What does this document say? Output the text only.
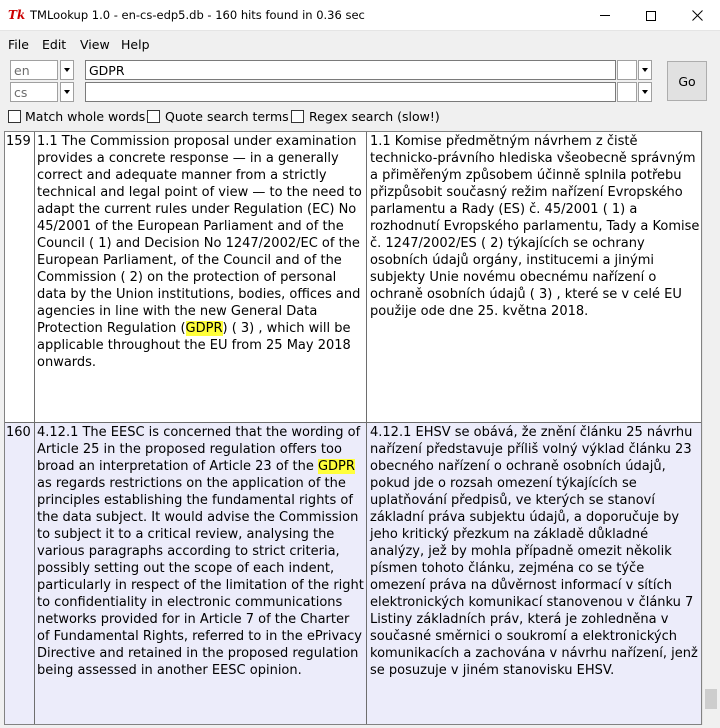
Tk TMLookup 1.0 - en-cs-edp5.db - 160 hits found in 0.36 sec
File Edit View Help
en
GDPR
cs
Go
Match whole words Quote search terms Regex search (slow!)
159 1.1 The Commission proposal under examination provides a concrete response — in a generally correct and adequate manner from a strictly technical and legal point of view — to the need to adapt the current rules under Regulation (EC) No 45/2001 of the European Parliament and of the Council ( 1) and Decision No 1247/2002/EC of the European Parliament, of the Council and of the Commission ( 2) on the protection of personal data by the Union institutions, bodies, offices and agencies in line with the new General Data Protection Regulation (GDPR) ( 3) , which will be applicable throughout the EU from 25 May 2018 onwards.
1.1 Komise předmětným návrhem z čistě technicko-právního hlediska všeobecně správným a přiměřeným způsobem účinně splnila potřebu přizpůsobit současný režim nařízení Evropského parlamentu a Rady (ES) č. 45/2001 ( 1) a rozhodnutí Evropského parlamentu, Tady a Komise č. 1247/2002/ES ( 2) týkajících se ochrany osobních údajů orgány, institucemi a jinými subjekty Unie novému obecnému nařízení o ochraně osobních údajů ( 3) , které se v celé EU použije ode dne 25. května 2018.
160 4.12.1 The EESC is concerned that the wording of Article 25 in the proposed regulation offers too broad an interpretation of Article 23 of the GDPR as regards restrictions on the application of the principles establishing the fundamental rights of the data subject. It would advise the Commission to subject it to a critical review, analysing the various paragraphs according to strict criteria, possibly setting out the scope of each indent, particularly in respect of the limitation of the right to confidentiality in electronic communications networks provided for in Article 7 of the Charter of Fundamental Rights, referred to in the ePrivacy Directive and retained in the proposed regulation being assessed in another EESC opinion.
4.12.1 EHSV se obává, že znění článku 25 návrhu nařízení představuje příliš volný výklad článku 23 obecného nařízení o ochraně osobních údajů, pokud jde o rozsah omezení týkajících se uplatňování předpisů, ve kterých se stanoví základní práva subjektu údajů, a doporučuje by jeho kritický přezkum na základě důkladné analýzy, jež by mohla případně omezit několik písmen tohoto článku, zejména co se týče omezení práva na důvěrnost informací v sítích elektronických komunikací stanovenou v článku 7 Listiny základních práv, která je zohledněna v současné směrnici o soukromí a elektronických komunikacích a zachována v návrhu nařízení, jenž se posuzuje v jiném stanovisku EHSV.
